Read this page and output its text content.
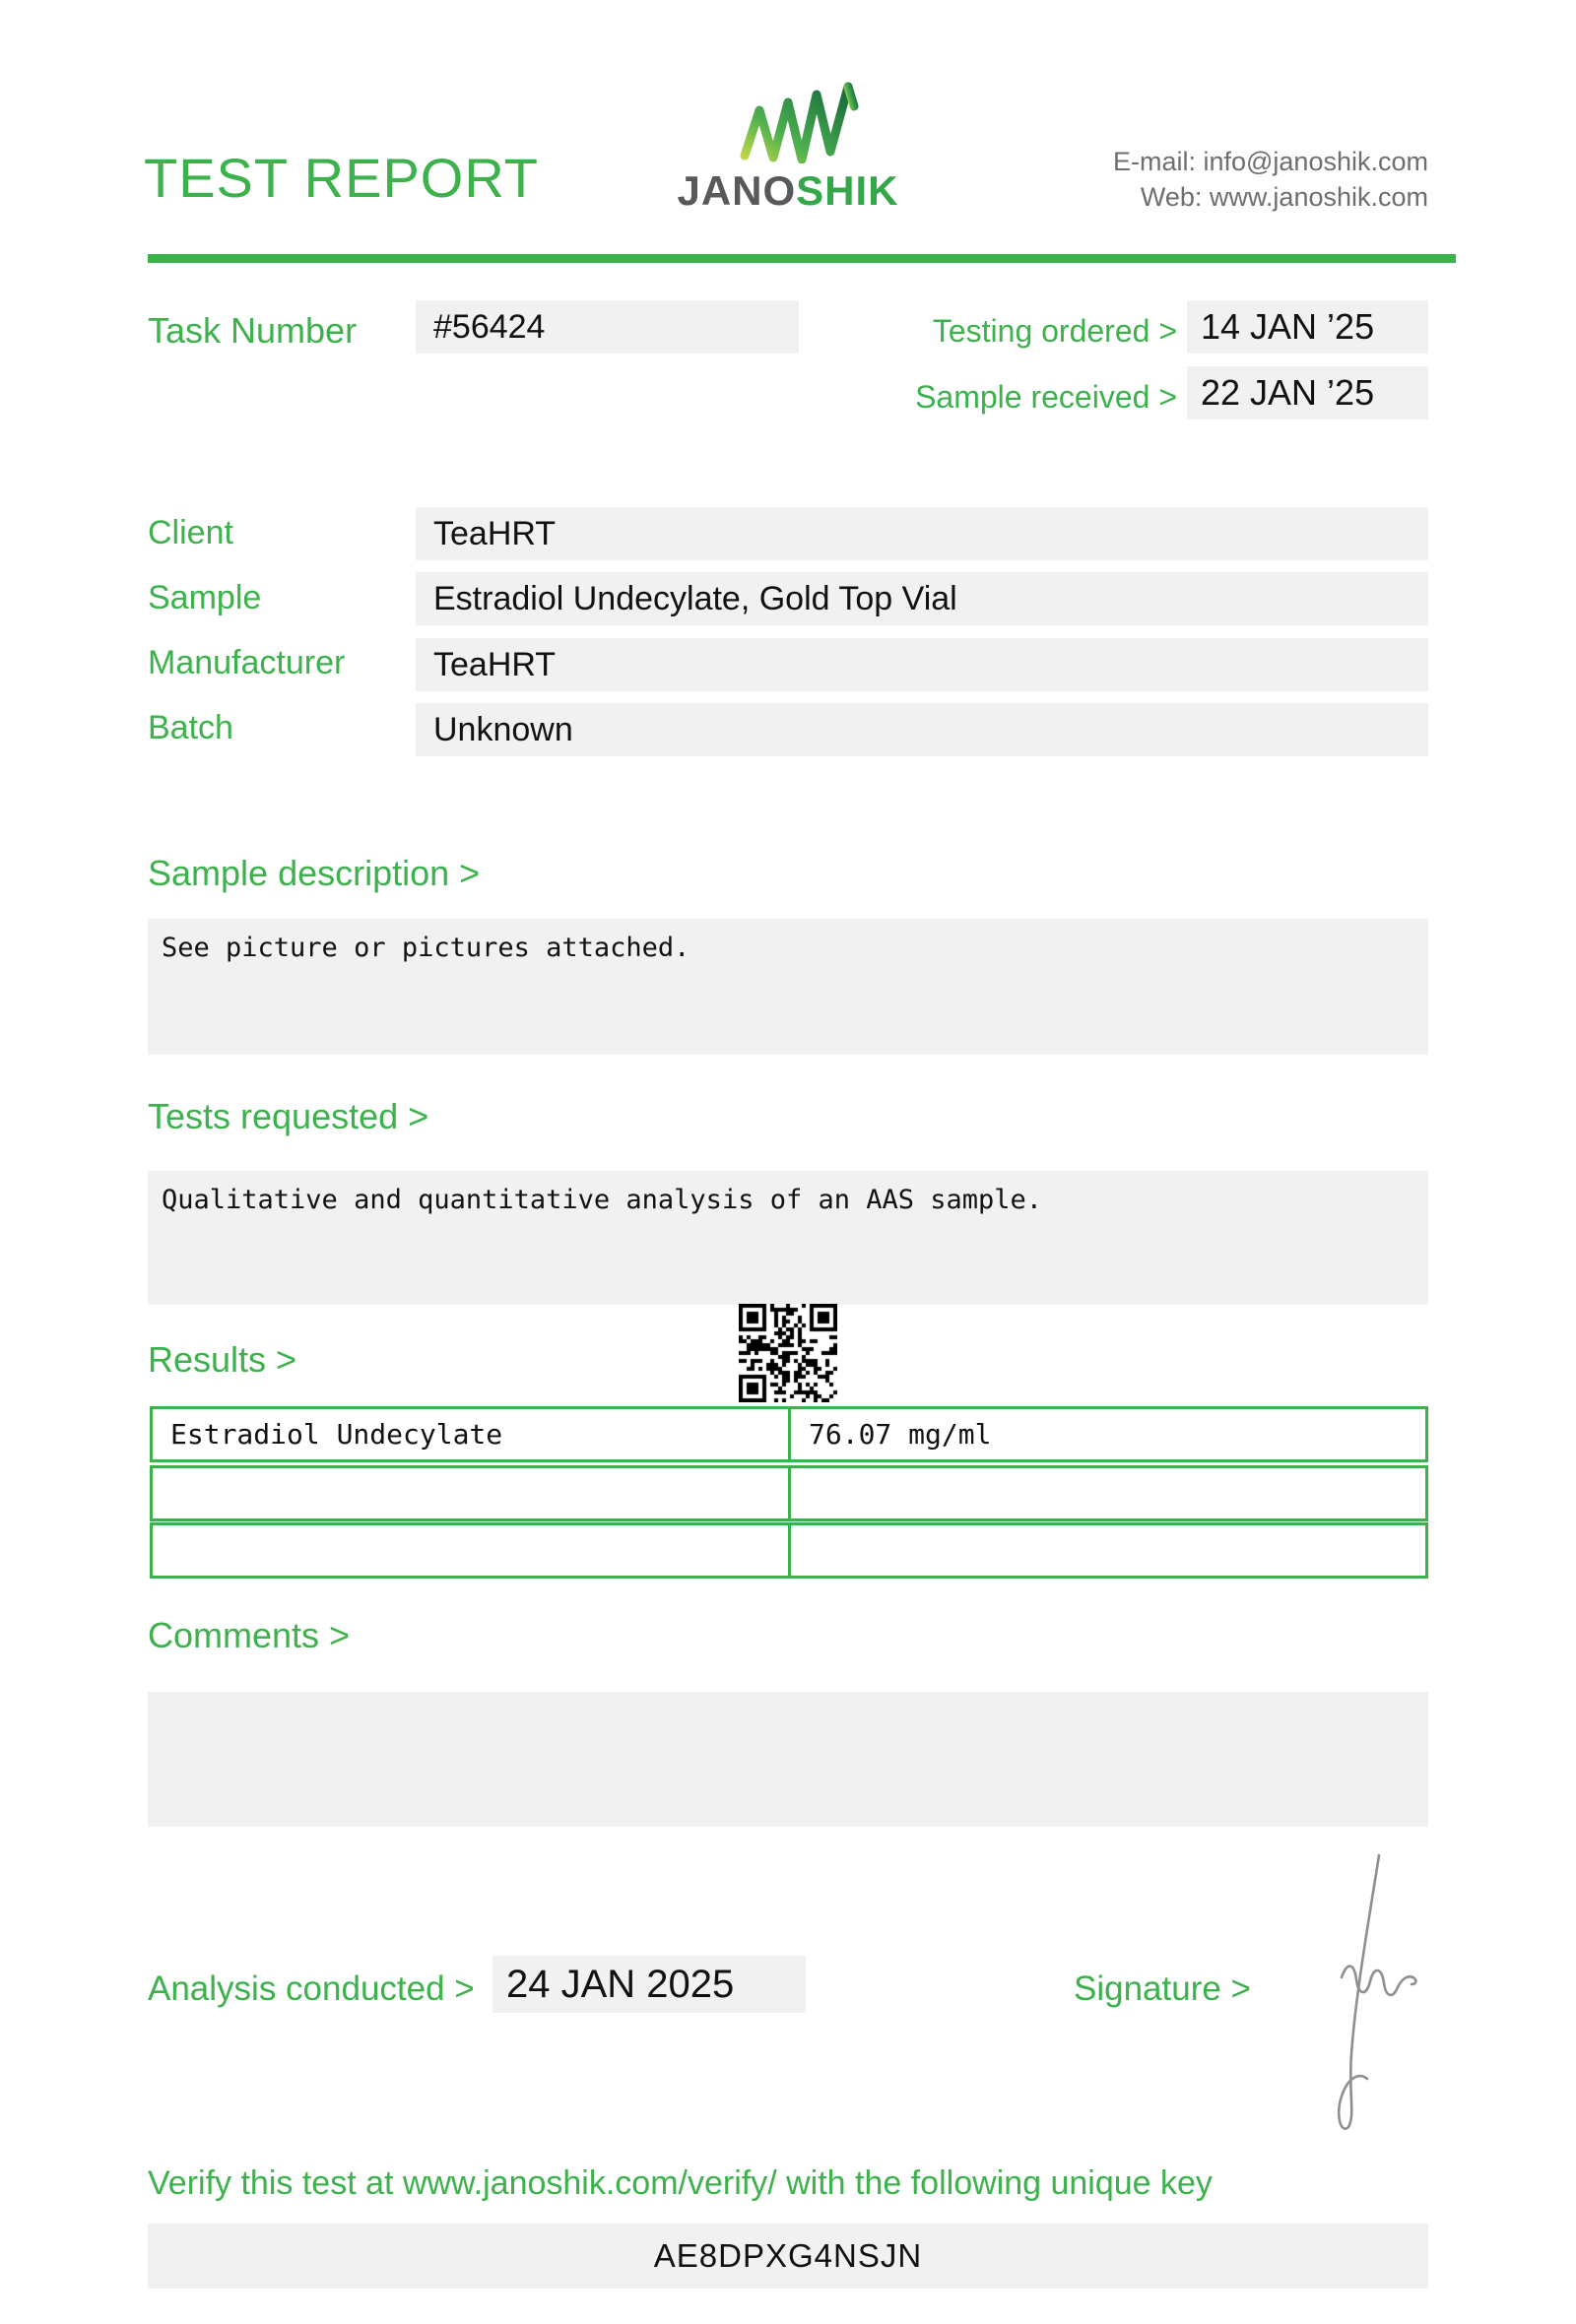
TEST REPORT	JANOSHIK
E-mail: info@janoshik.com
Web: www.janoshik.com
Task Number	#56424	Testing ordered > 14 JAN ’25
Sample received > 22 JAN ’25
Client	TeaHRT
Sample	Estradiol Undecylate, Gold Top Vial
Manufacturer	TeaHRT
Batch	Unknown
Sample description >
See picture or pictures attached.
Tests requested >
Qualitative and quantitative analysis of an AAS sample.
Results >
Estradiol Undecylate	76.07 mg/ml
Comments >
Analysis conducted > 24 JAN 2025	Signature >
Verify this test at www.janoshik.com/verify/ with the following unique key
AE8DPXG4NSJN
